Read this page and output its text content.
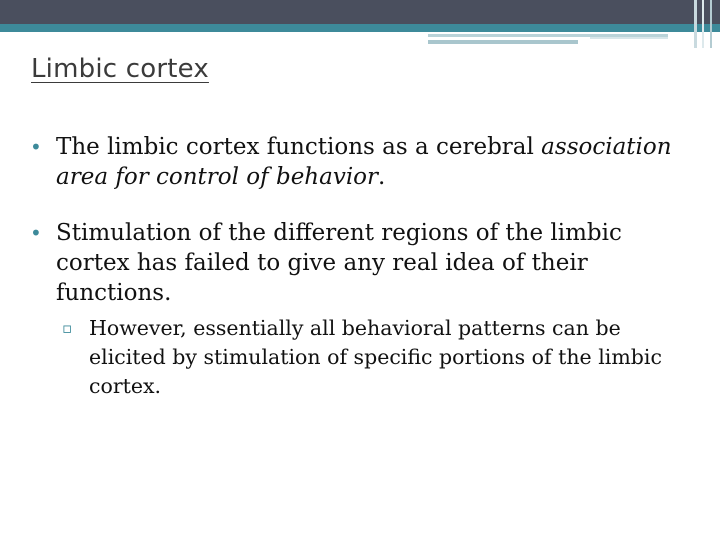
Limbic cortex

• The limbic cortex functions as a cerebral association area for control of behavior.

• Stimulation of the different regions of the limbic cortex has failed to give any real idea of their functions.

▫ However, essentially all behavioral patterns can be elicited by stimulation of specific portions of the limbic cortex.
